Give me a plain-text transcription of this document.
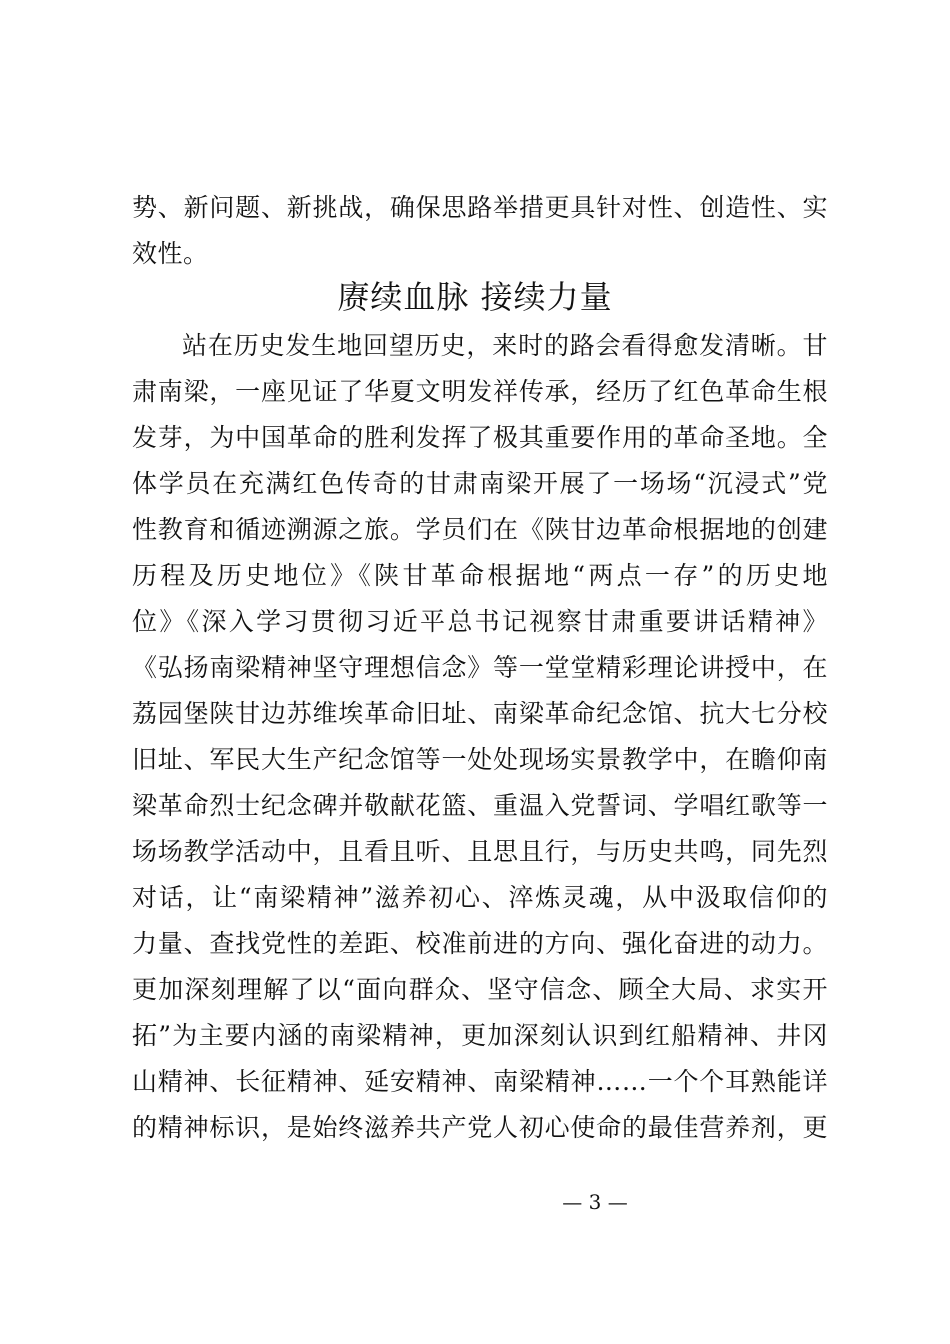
势、新问题、新挑战，确保思路举措更具针对性、创造性、实
效性。
赓续血脉 接续力量
站在历史发生地回望历史，来时的路会看得愈发清晰。甘
肃南梁，一座见证了华夏文明发祥传承，经历了红色革命生根
发芽，为中国革命的胜利发挥了极其重要作用的革命圣地。全
体学员在充满红色传奇的甘肃南梁开展了一场场“沉浸式”党
性教育和循迹溯源之旅。学员们在《陕甘边革命根据地的创建
历程及历史地位》《陕甘革命根据地“两点一存”的历史地
位》《深入学习贯彻习近平总书记视察甘肃重要讲话精神》
《弘扬南梁精神坚守理想信念》等一堂堂精彩理论讲授中，在
荔园堡陕甘边苏维埃革命旧址、南梁革命纪念馆、抗大七分校
旧址、军民大生产纪念馆等一处处现场实景教学中，在瞻仰南
梁革命烈士纪念碑并敬献花篮、重温入党誓词、学唱红歌等一
场场教学活动中，且看且听、且思且行，与历史共鸣，同先烈
对话，让“南梁精神”滋养初心、淬炼灵魂，从中汲取信仰的
力量、查找党性的差距、校准前进的方向、强化奋进的动力。
更加深刻理解了以“面向群众、坚守信念、顾全大局、求实开
拓”为主要内涵的南梁精神，更加深刻认识到红船精神、井冈
山精神、长征精神、延安精神、南梁精神……一个个耳熟能详
的精神标识，是始终滋养共产党人初心使命的最佳营养剂，更
— 3 —
